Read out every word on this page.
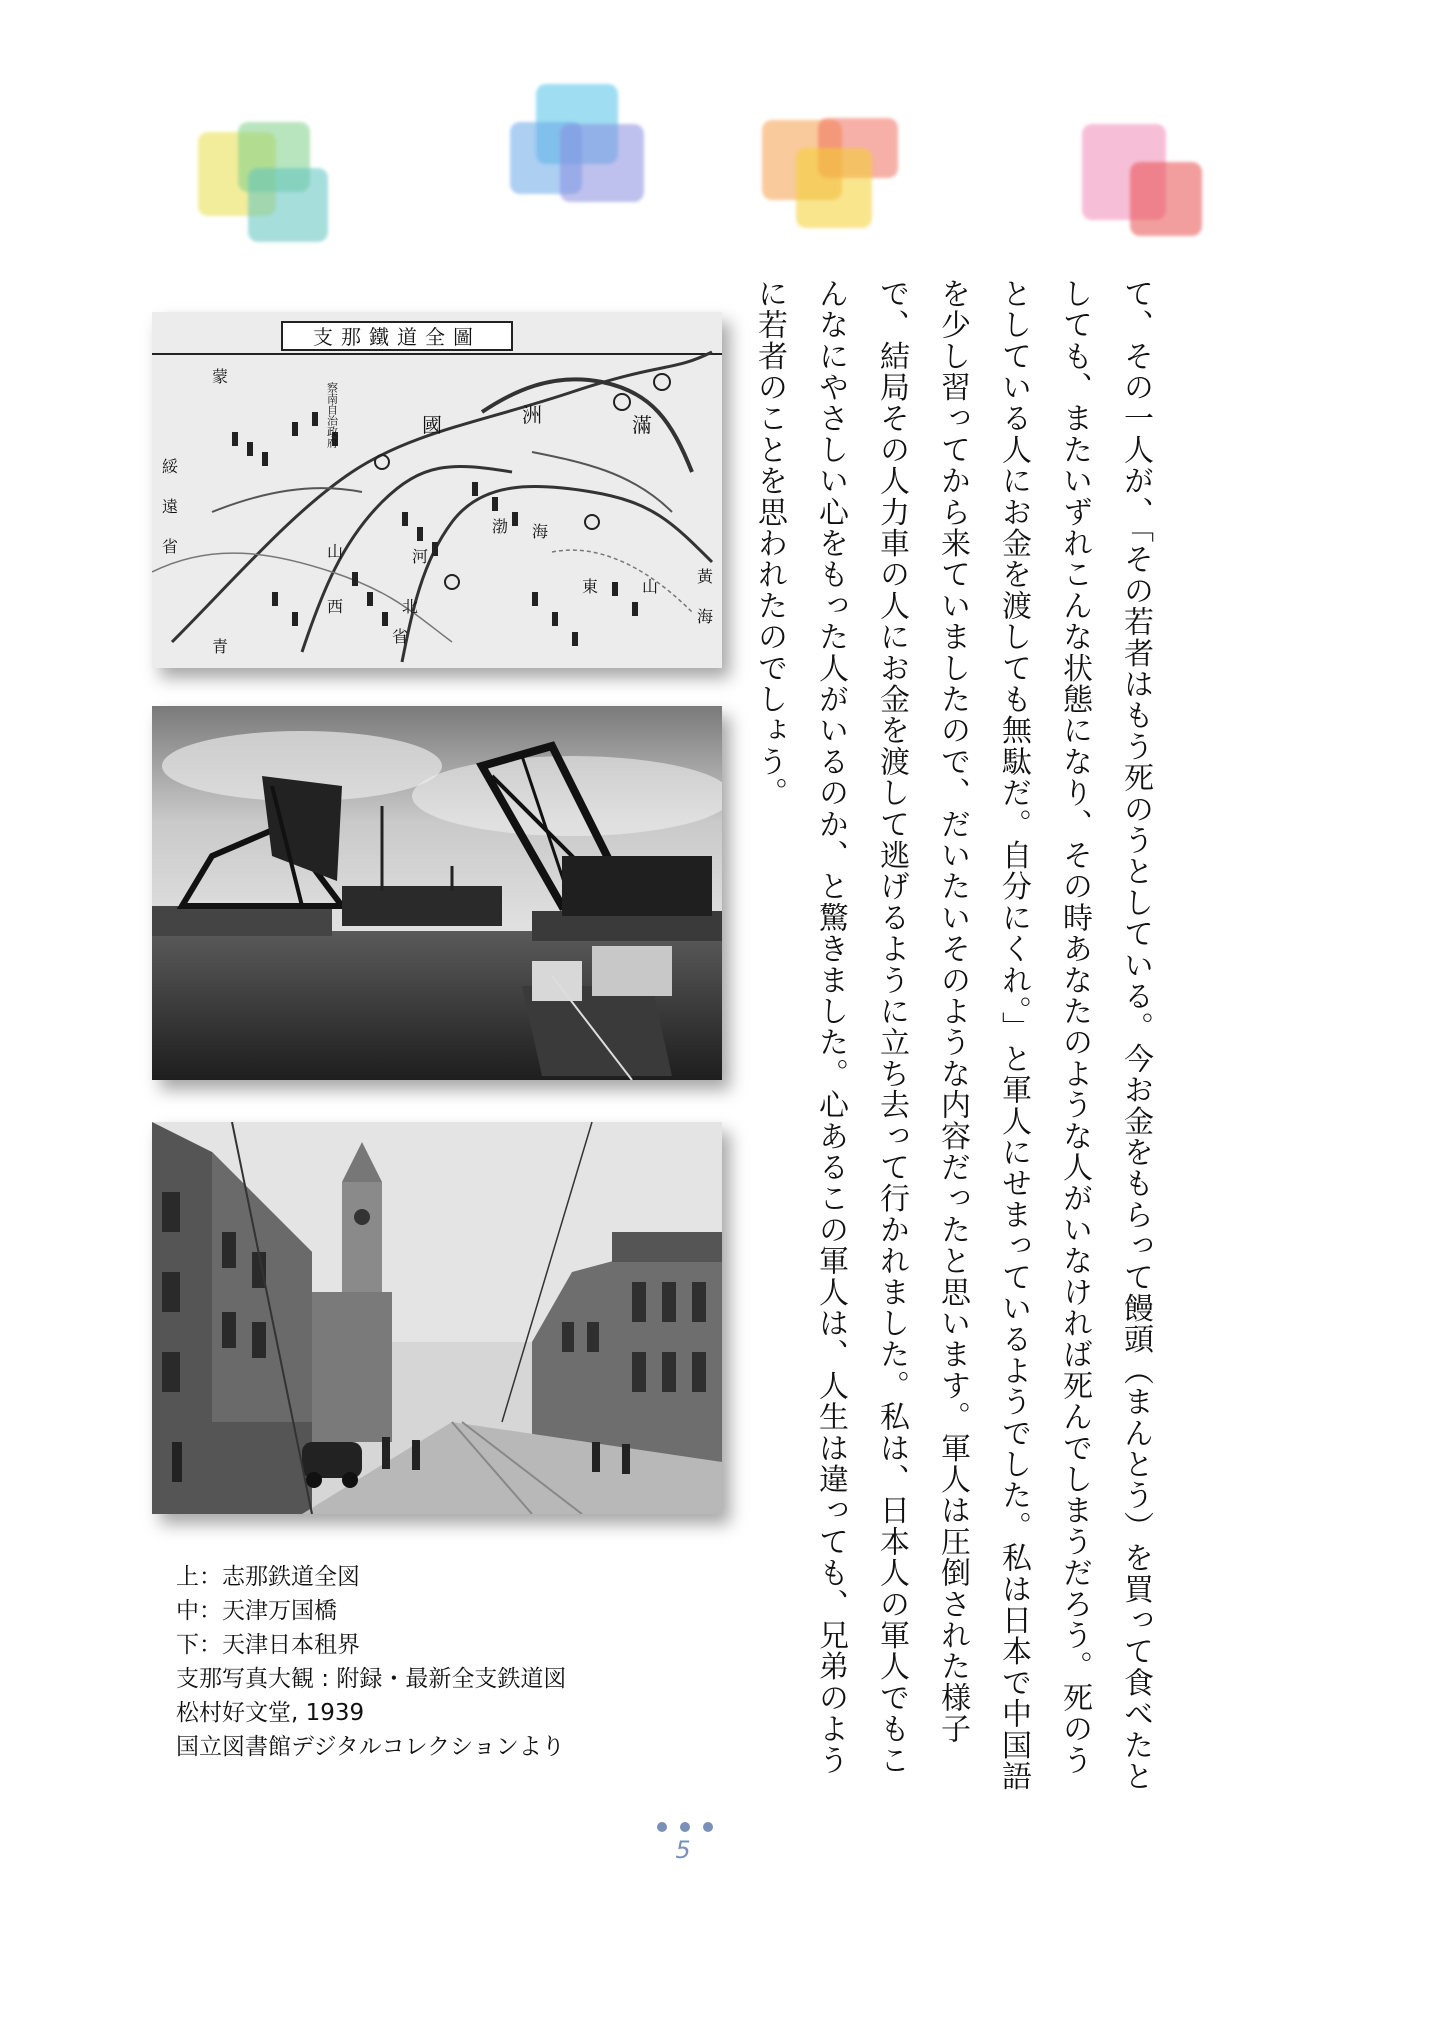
支那鐵道全圖
蒙
察南自治政府
綏
遠
省
國	洲	滿
山
西
河
北
省
渤 海
東	山
黃
海
青
上：志那鉄道全図
中：天津万国橋
下：天津日本租界
支那写真大観 : 附録・最新全支鉄道図
松村好文堂, 1939
国立図書館デジタルコレクションより	て、その一人が、「その若者はもう死のうとしている。今お金をもらって饅頭（まんとう）を買って食べたとしても、またいずれこんな状態になり、その時あなたのような人がいなければ死んでしまうだろう。死のうとしている人にお金を渡しても無駄だ。自分にくれ。」と軍人にせまっているようでした。私は日本で中国語を少し習ってから来ていましたので、だいたいそのような内容だったと思います。軍人は圧倒された様子で、結局その人力車の人にお金を渡して逃げるように立ち去って行かれました。私は、日本人の軍人でもこんなにやさしい心をもった人がいるのか、と驚きました。心あるこの軍人は、人生は違っても、兄弟のように若者のことを思われたのでしょう。

5
